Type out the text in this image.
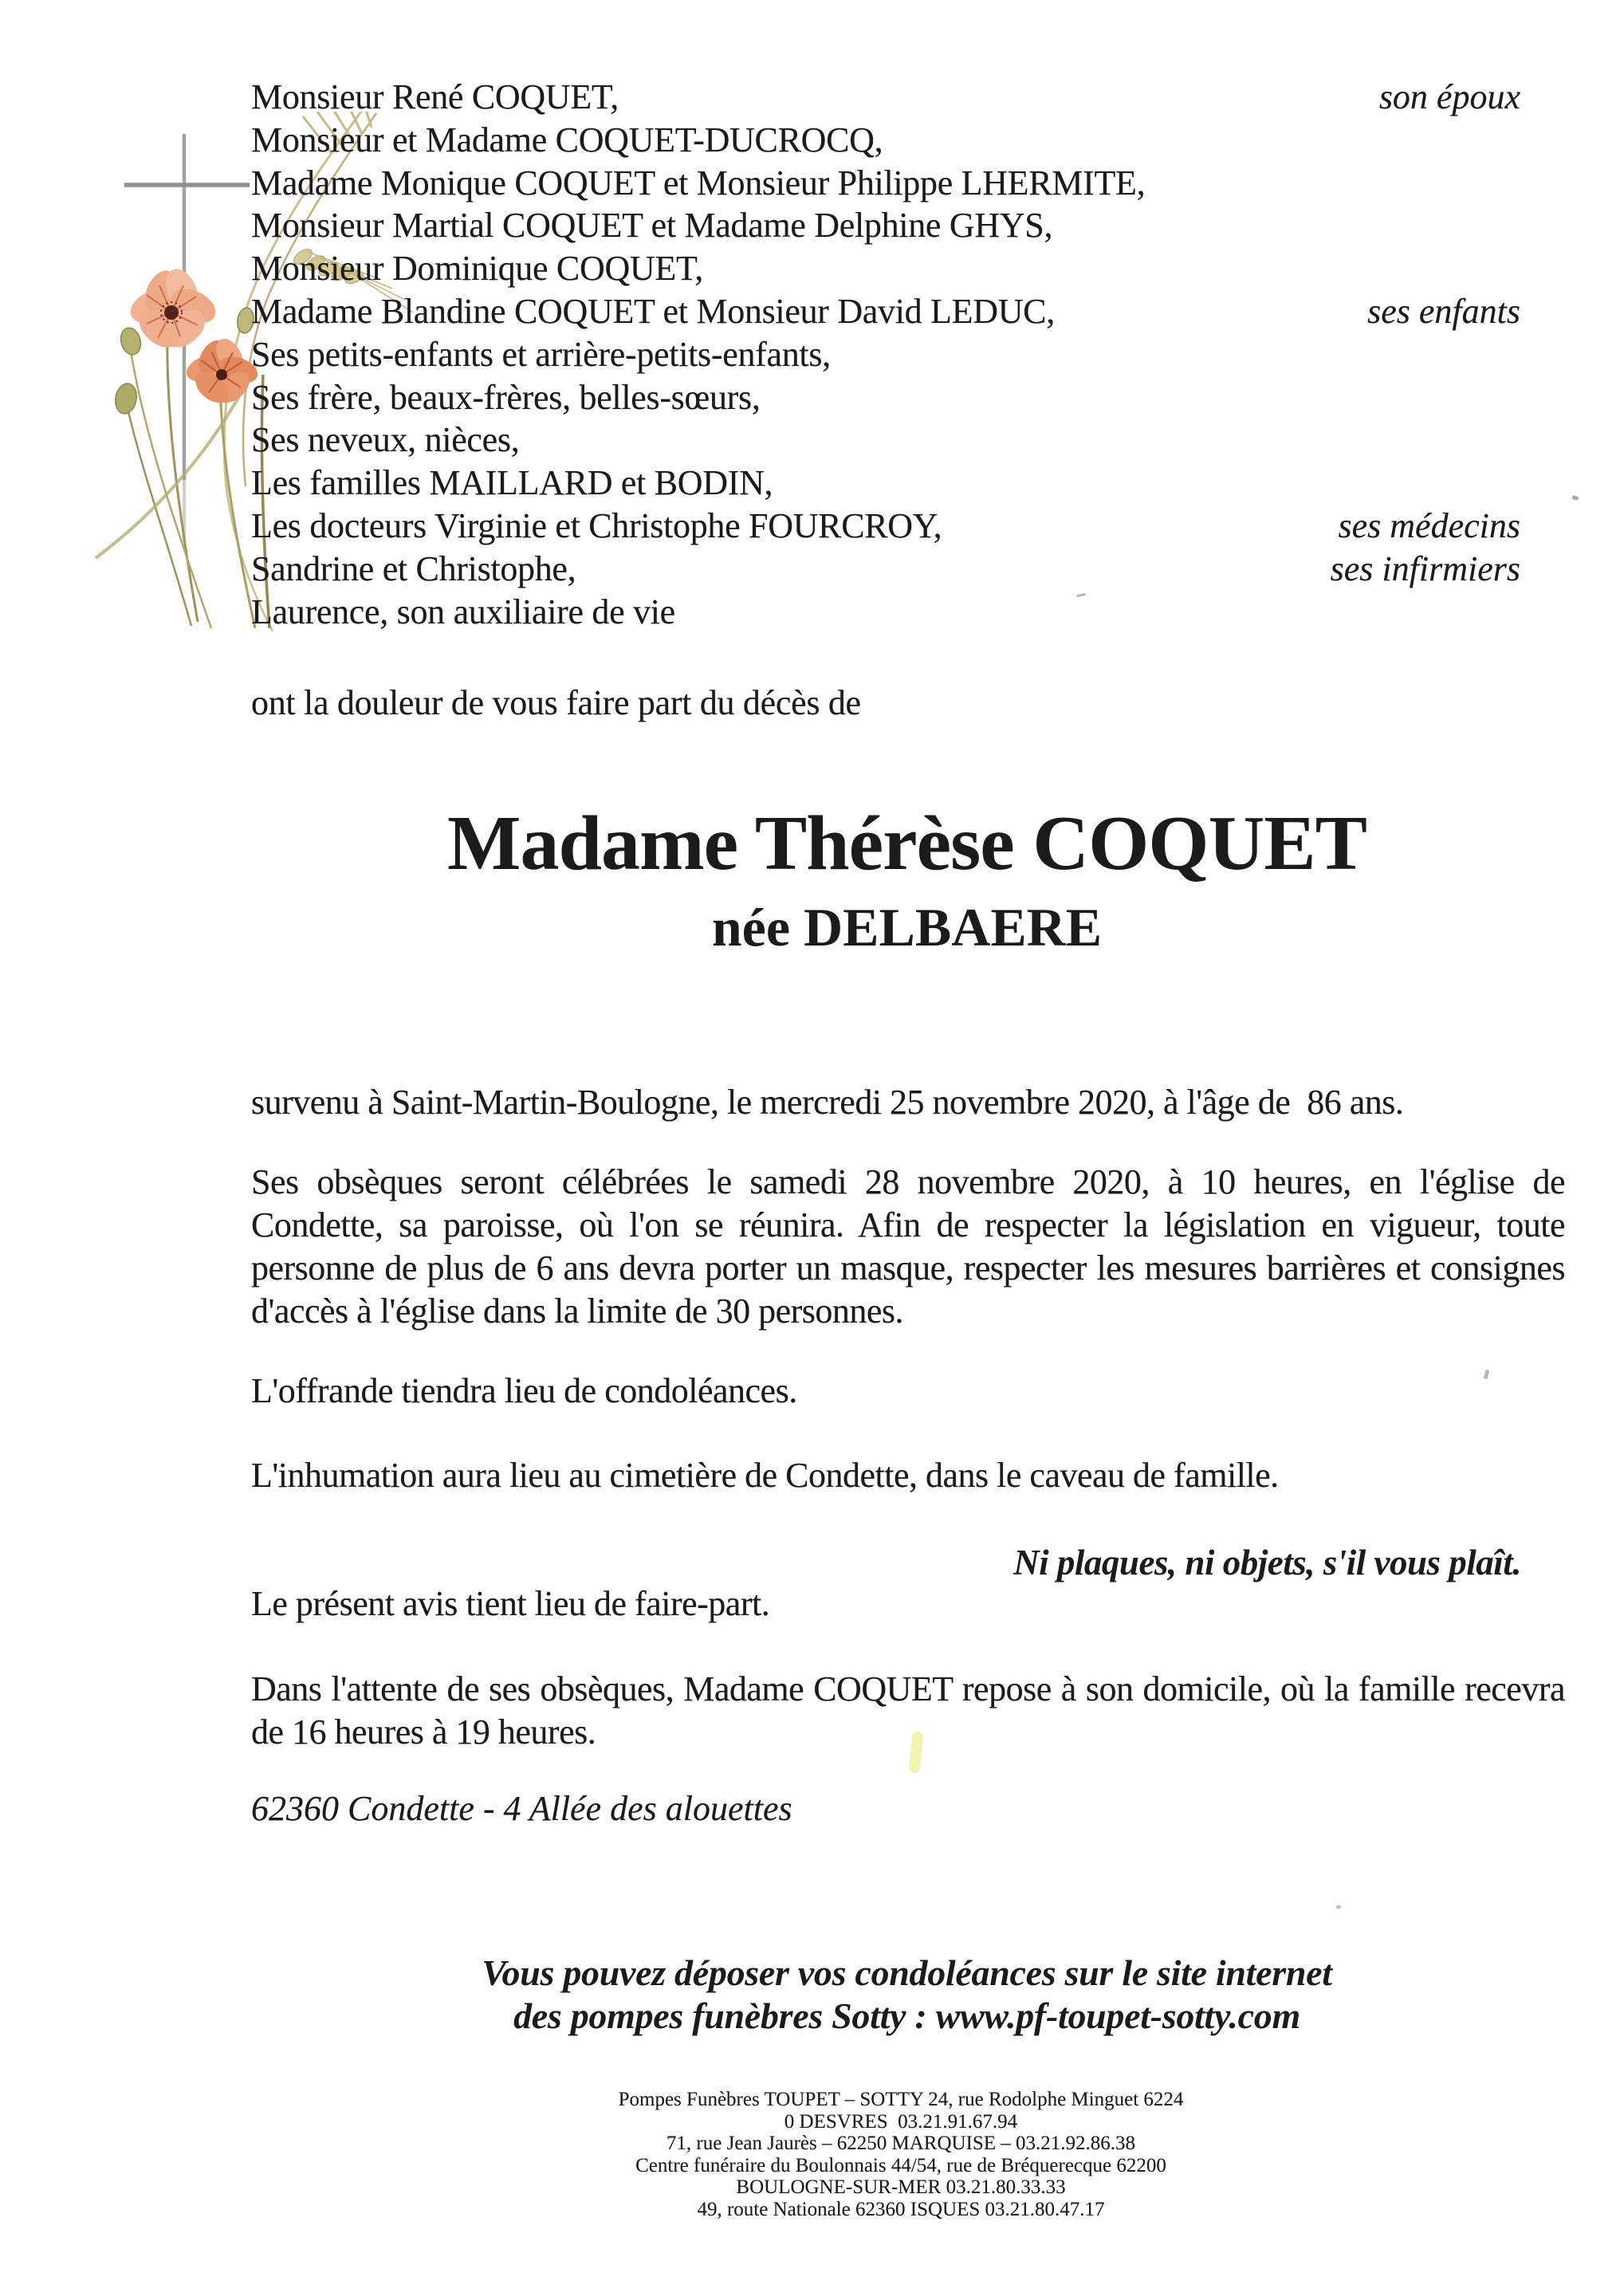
Monsieur René COQUET,	son époux
Monsieur et Madame COQUET-DUCROCQ,
Madame Monique COQUET et Monsieur Philippe LHERMITE,
Monsieur Martial COQUET et Madame Delphine GHYS,
Monsieur Dominique COQUET,
Madame Blandine COQUET et Monsieur David LEDUC,	ses enfants
Ses petits-enfants et arrière-petits-enfants,
Ses frère, beaux-frères, belles-sœurs,
Ses neveux, nièces,
Les familles MAILLARD et BODIN,
Les docteurs Virginie et Christophe FOURCROY,	ses médecins
Sandrine et Christophe,	ses infirmiers
Laurence, son auxiliaire de vie
ont la douleur de vous faire part du décès de
Madame Thérèse COQUET
née DELBAERE

survenu à Saint-Martin-Boulogne, le mercredi 25 novembre 2020, à l'âge de  86 ans.

Ses obsèques seront célébrées le samedi 28 novembre 2020, à 10 heures, en l'église de Condette, sa paroisse, où l'on se réunira. Afin de respecter la législation en vigueur, toute personne de plus de 6 ans devra porter un masque, respecter les mesures barrières et consignes d'accès à l'église dans la limite de 30 personnes.

L'offrande tiendra lieu de condoléances.

L'inhumation aura lieu au cimetière de Condette, dans le caveau de famille.

Ni plaques, ni objets, s'il vous plaît.

Le présent avis tient lieu de faire-part.

Dans l'attente de ses obsèques, Madame COQUET repose à son domicile, où la famille recevra de 16 heures à 19 heures.

62360 Condette - 4 Allée des alouettes

Vous pouvez déposer vos condoléances sur le site internet
des pompes funèbres Sotty : www.pf-toupet-sotty.com
Pompes Funèbres TOUPET – SOTTY 24, rue Rodolphe Minguet 6224
0 DESVRES  03.21.91.67.94
71, rue Jean Jaurès – 62250 MARQUISE – 03.21.92.86.38
Centre funéraire du Boulonnais 44/54, rue de Bréquerecque 62200
BOULOGNE-SUR-MER 03.21.80.33.33
49, route Nationale 62360 ISQUES 03.21.80.47.17
